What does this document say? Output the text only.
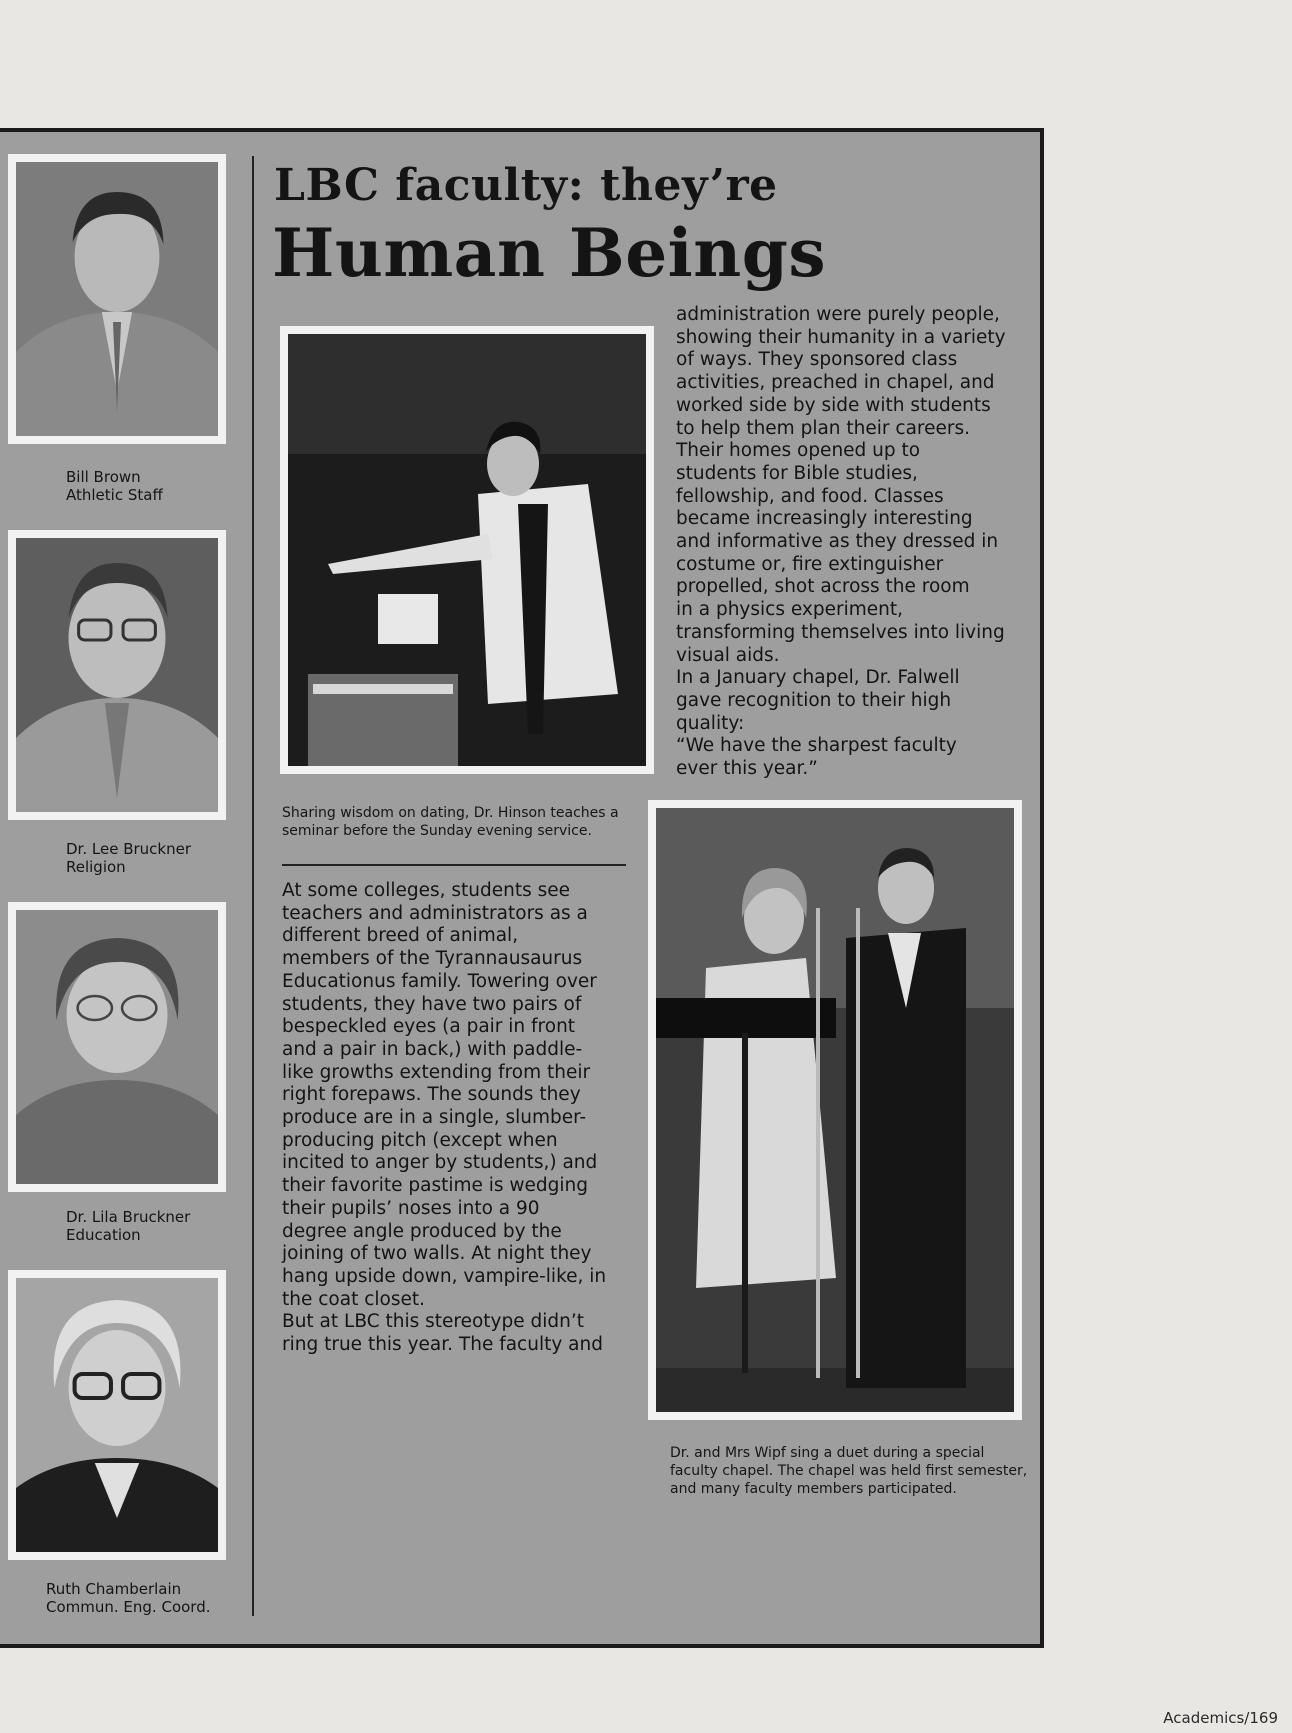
Bill Brown
Athletic Staff
Dr. Lee Bruckner
Religion
Dr. Lila Bruckner
Education
Ruth Chamberlain
Commun. Eng. Coord.
LBC faculty: they’re
Human Beings
Sharing wisdom on dating, Dr. Hinson teaches a seminar before the Sunday evening service.
At some colleges, students see
teachers and administrators as a
different breed of animal,
members of the Tyrannausaurus
Educationus family. Towering over
students, they have two pairs of
bespeckled eyes (a pair in front
and a pair in back,) with paddle-
like growths extending from their
right forepaws. The sounds they
produce are in a single, slumber-
producing pitch (except when
incited to anger by students,) and
their favorite pastime is wedging
their pupils’ noses into a 90
degree angle produced by the
joining of two walls. At night they
hang upside down, vampire-like, in
the coat closet.
But at LBC this stereotype didn’t
ring true this year. The faculty and
administration were purely people,
showing their humanity in a variety
of ways. They sponsored class
activities, preached in chapel, and
worked side by side with students
to help them plan their careers.
Their homes opened up to
students for Bible studies,
fellowship, and food. Classes
became increasingly interesting
and informative as they dressed in
costume or, fire extinguisher
propelled, shot across the room
in a physics experiment,
transforming themselves into living
visual aids.
In a January chapel, Dr. Falwell
gave recognition to their high
quality:
“We have the sharpest faculty
ever this year.”
Dr. and Mrs Wipf sing a duet during a special faculty chapel. The chapel was held first semester, and many faculty members participated.
Academics/169
